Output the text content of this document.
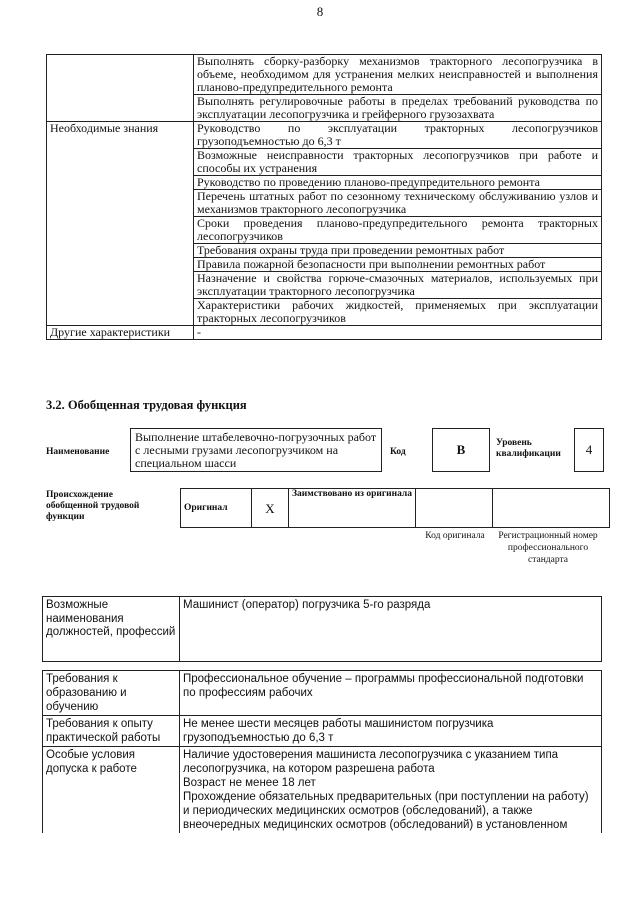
8
	Выполнять сборку-разборку механизмов тракторного лесопогрузчика в объеме, необходимом для устранения мелких неисправностей и выполнения планово-предупредительного ремонта
	Выполнять регулировочные работы в пределах требований руководства по эксплуатации лесопогрузчика и грейферного грузозахвата
Необходимые знания	Руководство по эксплуатации тракторных лесопогрузчиков грузоподъемностью до 6,3 т
	Возможные неисправности тракторных лесопогрузчиков при работе и способы их устранения
	Руководство по проведению планово-предупредительного ремонта
	Перечень штатных работ по сезонному техническому обслуживанию узлов и механизмов тракторного лесопогрузчика
	Сроки проведения планово-предупредительного ремонта тракторных лесопогрузчиков
	Требования охраны труда при проведении ремонтных работ
	Правила пожарной безопасности при выполнении ремонтных работ
	Назначение и свойства горюче-смазочных материалов, используемых при эксплуатации тракторного лесопогрузчика
	Характеристики рабочих жидкостей, применяемых при эксплуатации тракторных лесопогрузчиков
Другие характеристики	-
3.2. Обобщенная трудовая функция
Наименование
Выполнение штабелевочно-погрузочных работ с лесными грузами лесопогрузчиком на специальном шасси
Код	B	Уровень квалификации	4
Происхождение обобщенной трудовой функции
Оригинал	X	Заимствовано из оригинала		
Код оригинала	Регистрационный номер профессионального стандарта
Возможные наименования должностей, профессий	Машинист (оператор) погрузчика 5-го разряда
Требования к образованию и обучению	Профессиональное обучение – программы профессиональной подготовки по профессиям рабочих
Требования к опыту практической работы	Не менее шести месяцев работы машинистом погрузчика грузоподъемностью до 6,3 т
Особые условия допуска к работе	Наличие удостоверения машиниста лесопогрузчика с указанием типа лесопогрузчика, на котором разрешена работа
Возраст не менее 18 лет
Прохождение обязательных предварительных (при поступлении на работу) и периодических медицинских осмотров (обследований), а также внеочередных медицинских осмотров (обследований) в установленном
